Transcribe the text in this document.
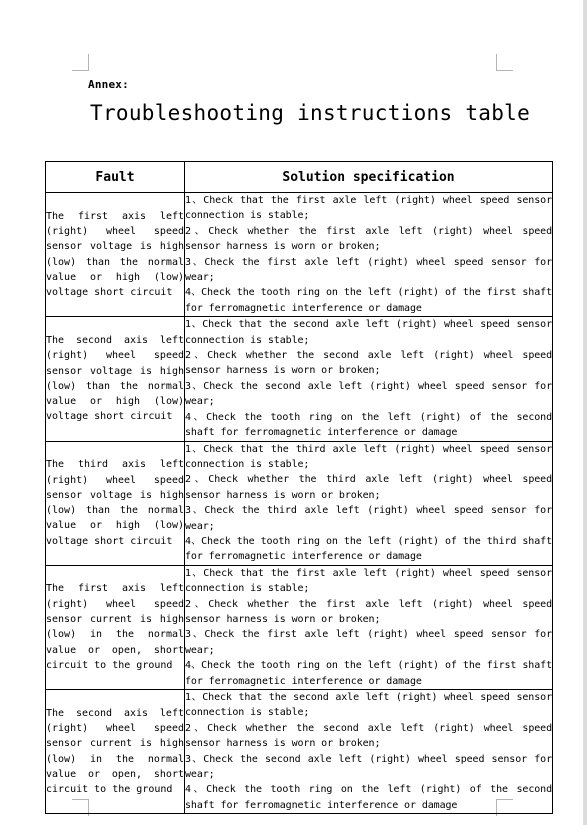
Annex:
Troubleshooting instructions table
Fault	Solution specification
The first axis left (right) wheel speed sensor voltage is high (low) than the normal value or high (low) voltage short circuit	1、Check that the first axle left (right) wheel speed sensor connection is stable;
2、Check whether the first axle left (right) wheel speed sensor harness is worn or broken;
3、Check the first axle left (right) wheel speed sensor for wear;
4、Check the tooth ring on the left (right) of the first shaft for ferromagnetic interference or damage

The second axis left (right) wheel speed sensor voltage is high (low) than the normal value or high (low) voltage short circuit	1、Check that the second axle left (right) wheel speed sensor connection is stable;
2、Check whether the second axle left (right) wheel speed sensor harness is worn or broken;
3、Check the second axle left (right) wheel speed sensor for wear;
4、Check the tooth ring on the left (right) of the second shaft for ferromagnetic interference or damage

The third axis left (right) wheel speed sensor voltage is high (low) than the normal value or high (low) voltage short circuit	1、Check that the third axle left (right) wheel speed sensor connection is stable;
2、Check whether the third axle left (right) wheel speed sensor harness is worn or broken;
3、Check the third axle left (right) wheel speed sensor for wear;
4、Check the tooth ring on the left (right) of the third shaft for ferromagnetic interference or damage

The first axis left (right) wheel speed sensor current is high (low) in the normal value or open, short circuit to the ground	1、Check that the first axle left (right) wheel speed sensor connection is stable;
2、Check whether the first axle left (right) wheel speed sensor harness is worn or broken;
3、Check the first axle left (right) wheel speed sensor for wear;
4、Check the tooth ring on the left (right) of the first shaft for ferromagnetic interference or damage

The second axis left (right) wheel speed sensor current is high (low) in the normal value or open, short circuit to the ground	1、Check that the second axle left (right) wheel speed sensor connection is stable;
2、Check whether the second axle left (right) wheel speed sensor harness is worn or broken;
3、Check the second axle left (right) wheel speed sensor for wear;
4、Check the tooth ring on the left (right) of the second shaft for ferromagnetic interference or damage
